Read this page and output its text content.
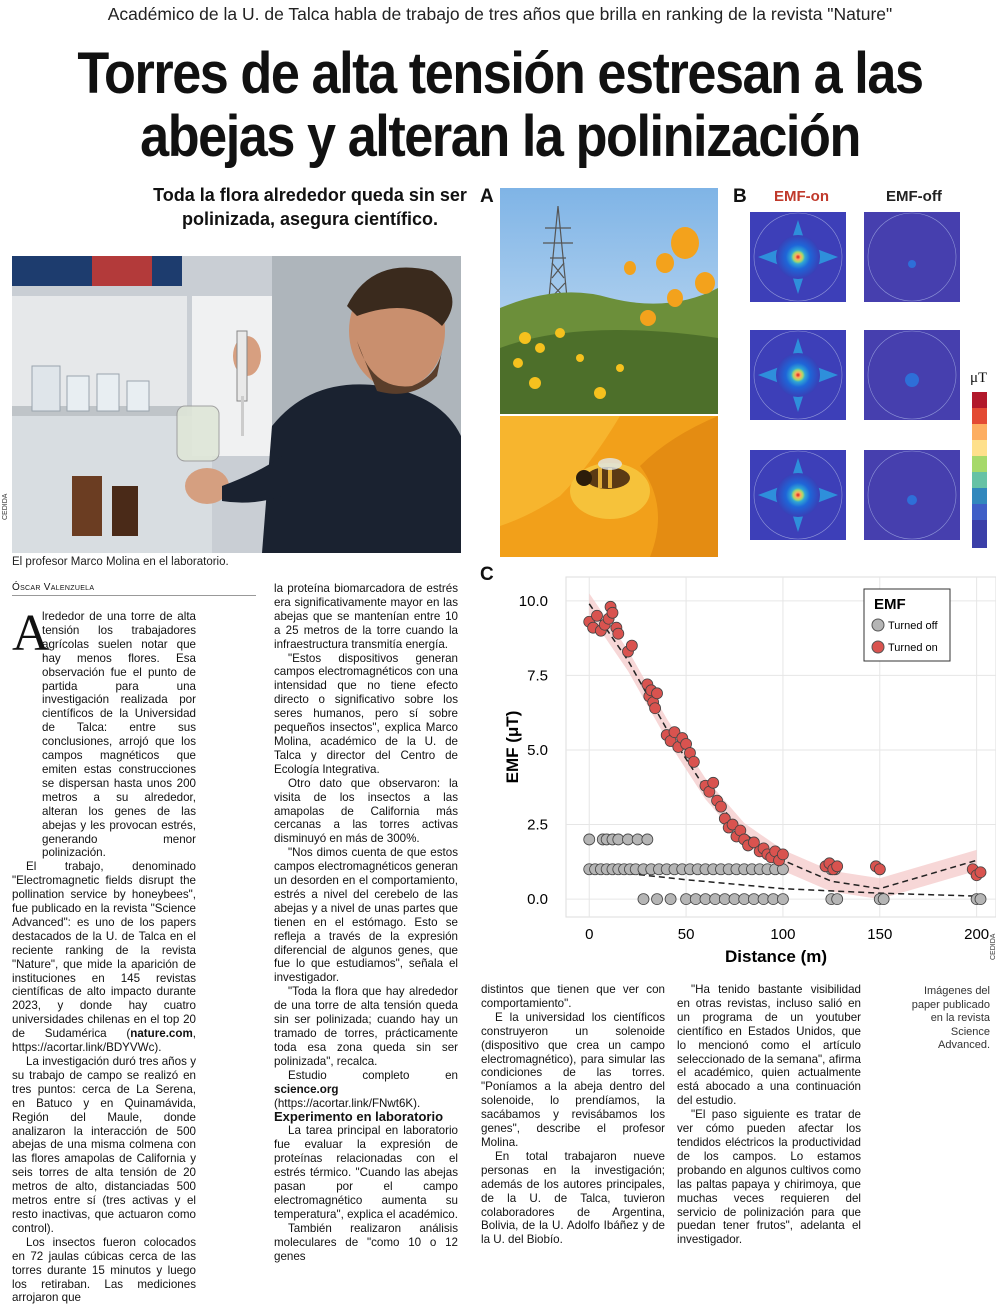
Académico de la U. de Talca habla de trabajo de tres años que brilla en ranking de la revista "Nature"
Torres de alta tensión estresan a las
abejas y alteran la polinización
Toda la flora alrededor queda sin ser polinizada, asegura científico.
CEDIDA
El profesor Marco Molina en el laboratorio.
Óscar Valenzuela
A

lrededor de una torre de alta tensión los trabajadores agrícolas suelen notar que hay menos flores. Esa observación fue el punto de partida para una investigación realizada por científicos de la Universidad de Talca: entre sus conclusiones, arrojó que los campos magnéticos que emiten estas construcciones se dispersan hasta unos 200 metros a su alrededor, alteran los genes de las abejas y les provocan estrés, generando menor polinización.

El trabajo, denominado "Electromagnetic fields disrupt the pollination service by honeybees", fue publicado en la revista "Science Advanced": es uno de los papers destacados de la U. de Talca en el reciente ranking de la revista "Nature", que mide la aparición de instituciones en 145 revistas científicas de alto impacto durante 2023, y donde hay cuatro universidades chilenas en el top 20 de Sudamérica (nature.com, https://acortar.link/BDYVWc).

La investigación duró tres años y su trabajo de campo se realizó en tres puntos: cerca de La Serena, en Batuco y en Quinamávida, Región del Maule, donde analizaron la interacción de 500 abejas de una misma colmena con las flores amapolas de California y seis torres de alta tensión de 20 metros de alto, distanciadas 500 metros entre sí (tres activas y el resto inactivas, que actuaron como control).

Los insectos fueron colocados en 72 jaulas cúbicas cerca de las torres durante 15 minutos y luego los retiraban. Las mediciones arrojaron que

la proteína biomarcadora de estrés era significativamente mayor en las abejas que se mantenían entre 10 a 25 metros de la torre cuando la infraestructura transmitía energía.

"Estos dispositivos generan campos electromagnéticos con una intensidad que no tiene efecto directo o significativo sobre los seres humanos, pero sí sobre pequeños insectos", explica Marco Molina, académico de la U. de Talca y director del Centro de Ecología Integrativa.

Otro dato que observaron: la visita de los insectos a las amapolas de California más cercanas a las torres activas disminuyó en más de 300%.

"Nos dimos cuenta de que estos campos electromagnéticos generan un desorden en el comportamiento, estrés a nivel del cerebelo de las abejas y a nivel de unas partes que tienen en el estómago. Esto se refleja a través de la expresión diferencial de algunos genes, que fue lo que estudiamos", señala el investigador.

"Toda la flora que hay alrededor de una torre de alta tensión queda sin ser polinizada; cuando hay un tramado de torres, prácticamente toda esa zona queda sin ser polinizada", recalca.

Estudio completo en science.org (https://acortar.link/FNwt6K).

Experimento en laboratorio

La tarea principal en laboratorio fue evaluar la expresión de proteínas relacionadas con el estrés térmico. "Cuando las abejas pasan por el campo electromagnético aumenta su temperatura", explica el académico.

También realizaron análisis moleculares de "como 10 o 12 genes

distintos que tienen que ver con comportamiento".

E la universidad los científicos construyeron un solenoide (dispositivo que crea un campo electromagnético), para simular las condiciones de las torres. "Poníamos a la abeja dentro del solenoide, lo prendíamos, la sacábamos y revisábamos los genes", describe el profesor Molina.

En total trabajaron nueve personas en la investigación; además de los autores principales, de la U. de Talca, tuvieron colaboradores de Argentina, Bolivia, de la U. Adolfo Ibáñez y de la U. del Biobío.

"Ha tenido bastante visibilidad en otras revistas, incluso salió en un programa de un youtuber científico en Estados Unidos, que lo mencionó como el artículo seleccionado de la semana", afirma el académico, quien actualmente está abocado a una continuación del estudio.

"El paso siguiente es tratar de ver cómo pueden afectar los tendidos eléctricos la productividad de los campos. Lo estamos probando en algunos cultivos como las paltas papaya y chirimoya, que muchas veces requieren del servicio de polinización para que puedan tener frutos", adelanta el investigador.

Imágenes del paper publicado en la revista Science Advanced.
CEDIDA
A	B EMF-on	EMF-off
μT
C
0	50	100	150	200
0.0
2.5
5.0
7.5
10.0
Distance (m)
EMF (μT)
EMF
Turned off
Turned on
